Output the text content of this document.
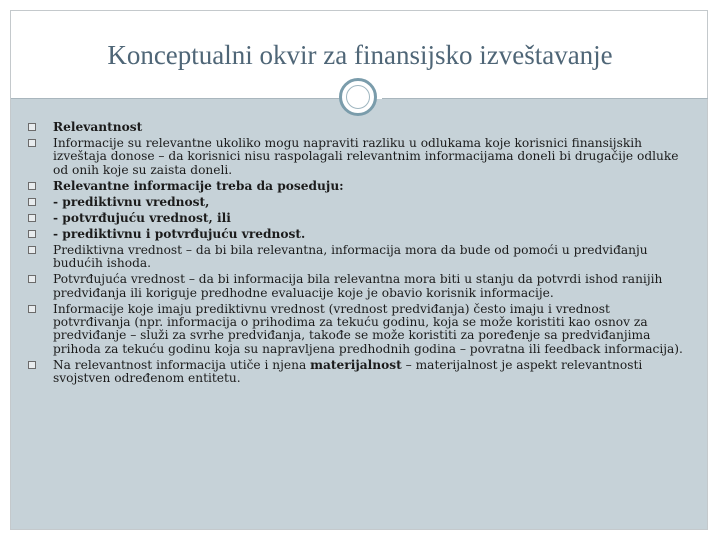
Konceptualni okvir za finansijsko izveštavanje
Relevantnost
Informacije su relevantne ukoliko mogu napraviti razliku u odlukama koje korisnici finansijskih izveštaja donose – da korisnici nisu raspolagali relevantnim informacijama doneli bi drugačije odluke od onih koje su zaista doneli.
Relevantne informacije treba da poseduju:
- prediktivnu vrednost,
- potvrđujuću vrednost, ili
- prediktivnu i potvrđujuću vrednost.
Prediktivna vrednost – da bi bila relevantna, informacija mora da bude od pomoći u predviđanju budućih ishoda.
Potvrđujuća vrednost – da bi informacija bila relevantna mora biti u stanju da potvrdi ishod ranijih predviđanja ili koriguje predhodne evaluacije koje je obavio korisnik informacije.
Informacije koje imaju prediktivnu vrednost (vrednost predviđanja) često imaju i vrednost potvrđivanja (npr. informacija o prihodima za tekuću godinu, koja se može koristiti kao osnov za predviđanje – služi za svrhe predviđanja, takođe se može koristiti za poređenje sa predviđanjima prihoda za tekuću godinu koja su napravljena predhodnih godina – povratna ili feedback informacija).
Na relevantnost informacija utiče i njena materijalnost – materijalnost je aspekt relevantnosti svojstven određenom entitetu.
